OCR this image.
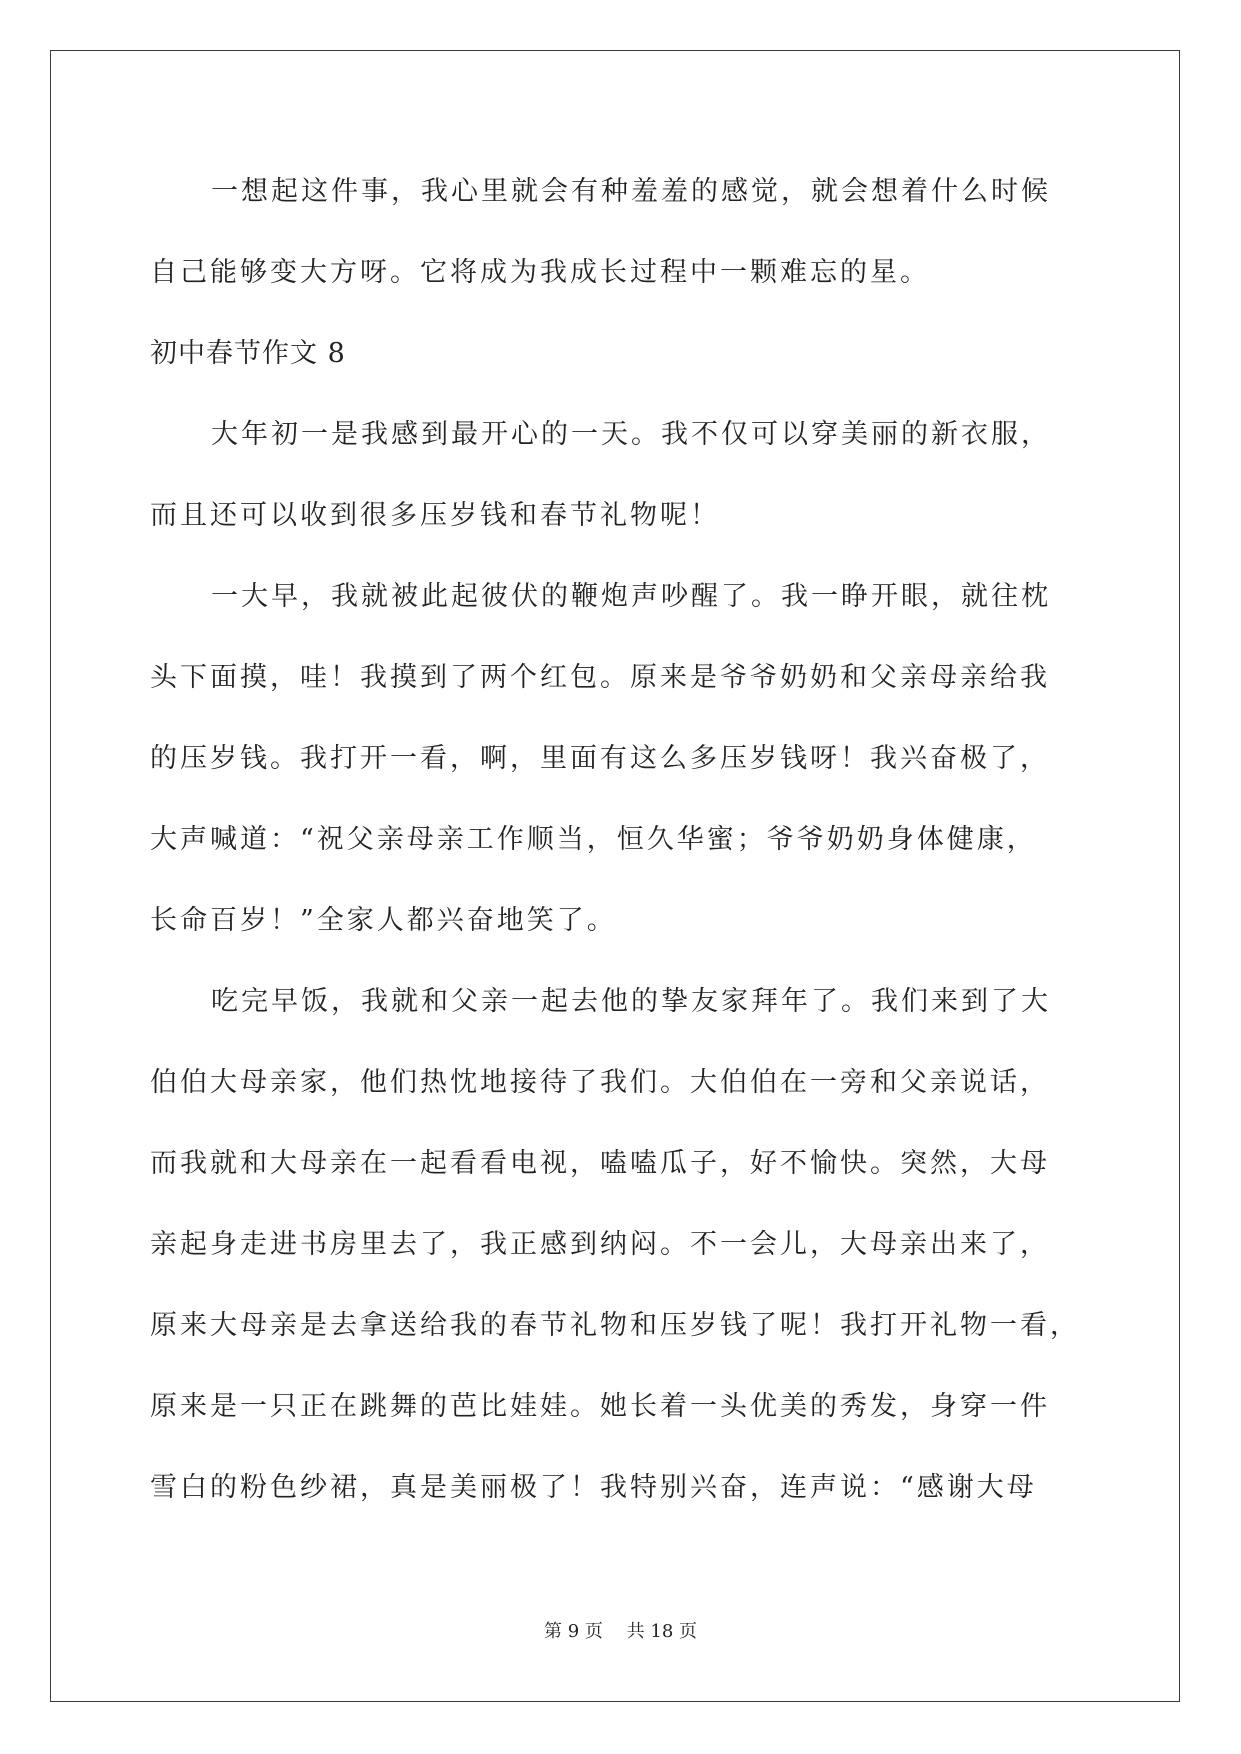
一想起这件事，我心里就会有种羞羞的感觉，就会想着什么时候
自己能够变大方呀。它将成为我成长过程中一颗难忘的星。
初中春节作文 8
大年初一是我感到最开心的一天。我不仅可以穿美丽的新衣服，
而且还可以收到很多压岁钱和春节礼物呢！
一大早，我就被此起彼伏的鞭炮声吵醒了。我一睁开眼，就往枕
头下面摸，哇！我摸到了两个红包。原来是爷爷奶奶和父亲母亲给我
的压岁钱。我打开一看，啊，里面有这么多压岁钱呀！我兴奋极了，
大声喊道：“祝父亲母亲工作顺当，恒久华蜜；爷爷奶奶身体健康，
长命百岁！”全家人都兴奋地笑了。
吃完早饭，我就和父亲一起去他的挚友家拜年了。我们来到了大
伯伯大母亲家，他们热忱地接待了我们。大伯伯在一旁和父亲说话，
而我就和大母亲在一起看看电视，嗑嗑瓜子，好不愉快。突然，大母
亲起身走进书房里去了，我正感到纳闷。不一会儿，大母亲出来了，
原来大母亲是去拿送给我的春节礼物和压岁钱了呢！我打开礼物一看，
原来是一只正在跳舞的芭比娃娃。她长着一头优美的秀发，身穿一件
雪白的粉色纱裙，真是美丽极了！我特别兴奋，连声说：“感谢大母
第 9 页 共 18 页
